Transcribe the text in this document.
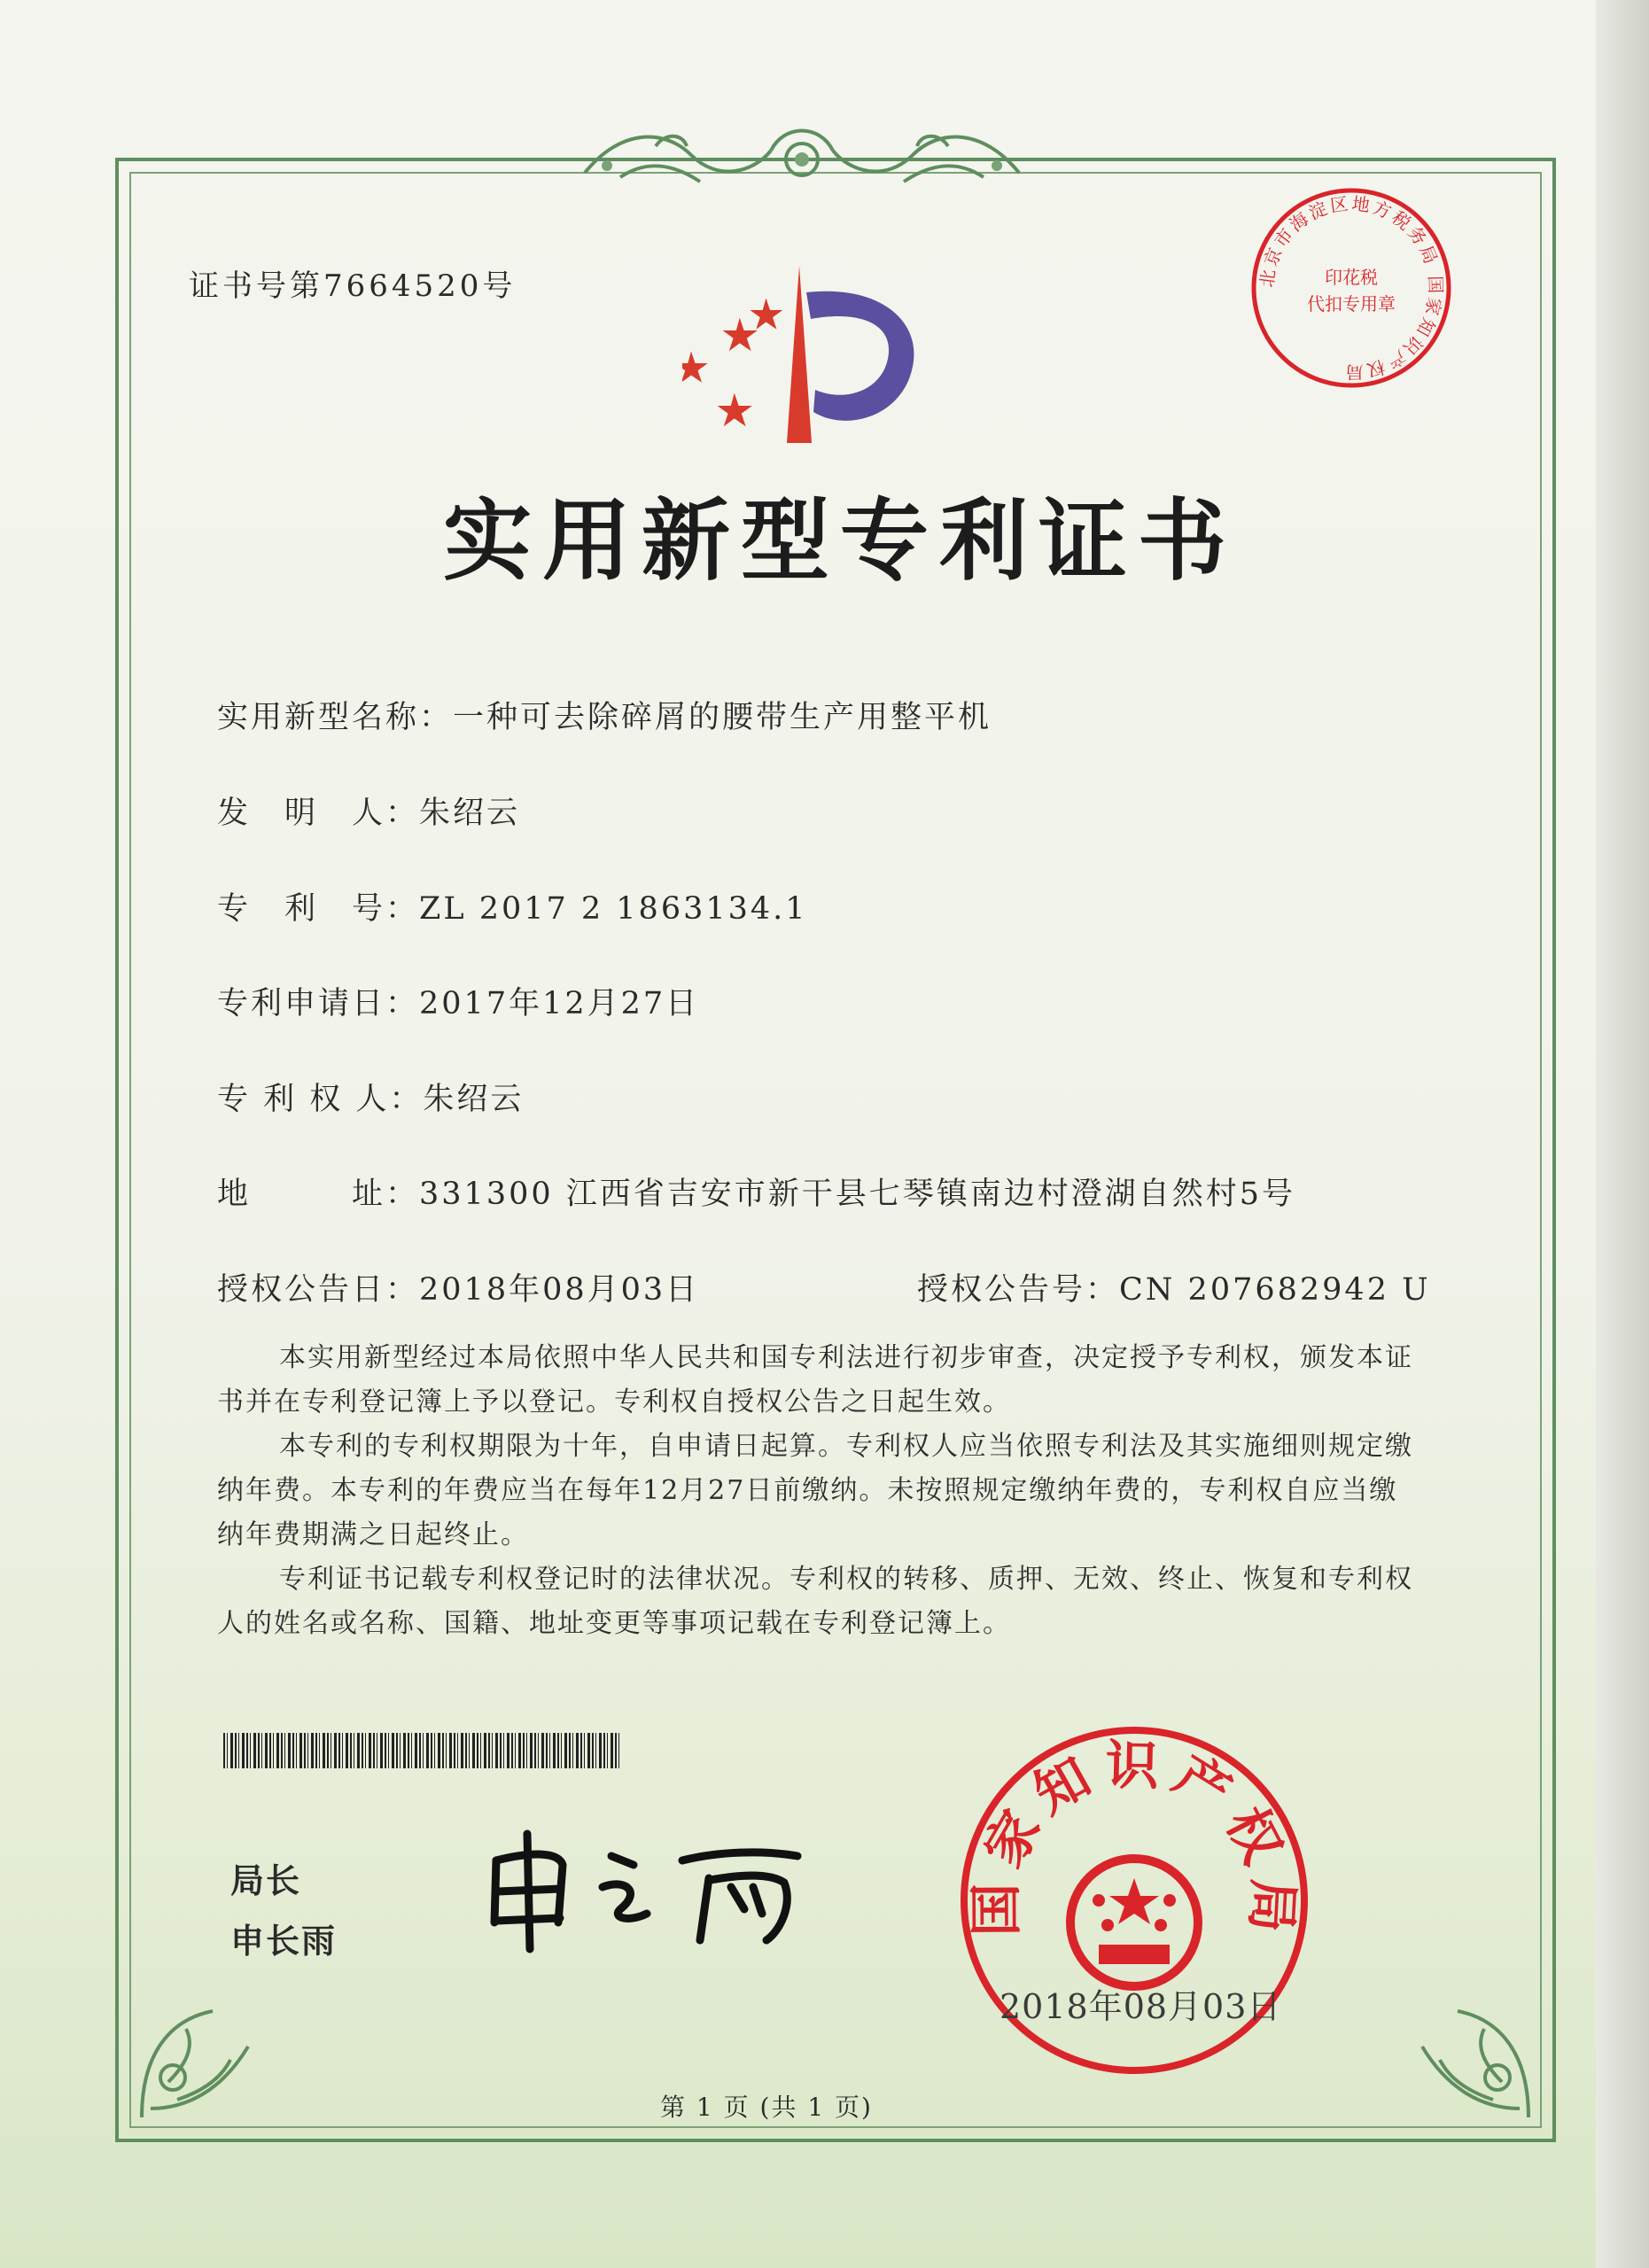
证书号第7664520号	北京市海淀区地方税务局 国家知识产权局
印花税
代扣专用章
实用新型专利证书
实用新型名称：一种可去除碎屑的腰带生产用整平机
发　明　人：朱绍云
专　利　号：ZL 2017 2 1863134.1
专利申请日：2017年12月27日
专 利 权 人：朱绍云
地　　　址：331300 江西省吉安市新干县七琴镇南边村澄湖自然村5号
授权公告日：2018年08月03日	授权公告号：CN 207682942 U

本实用新型经过本局依照中华人民共和国专利法进行初步审查，决定授予专利权，颁发本证书并在专利登记簿上予以登记。专利权自授权公告之日起生效。

本专利的专利权期限为十年，自申请日起算。专利权人应当依照专利法及其实施细则规定缴纳年费。本专利的年费应当在每年12月27日前缴纳。未按照规定缴纳年费的，专利权自应当缴纳年费期满之日起终止。

专利证书记载专利权登记时的法律状况。专利权的转移、质押、无效、终止、恢复和专利权人的姓名或名称、国籍、地址变更等事项记载在专利登记簿上。

局长
申长雨
国家知识产权局
2018年08月03日
第 1 页 (共 1 页)
